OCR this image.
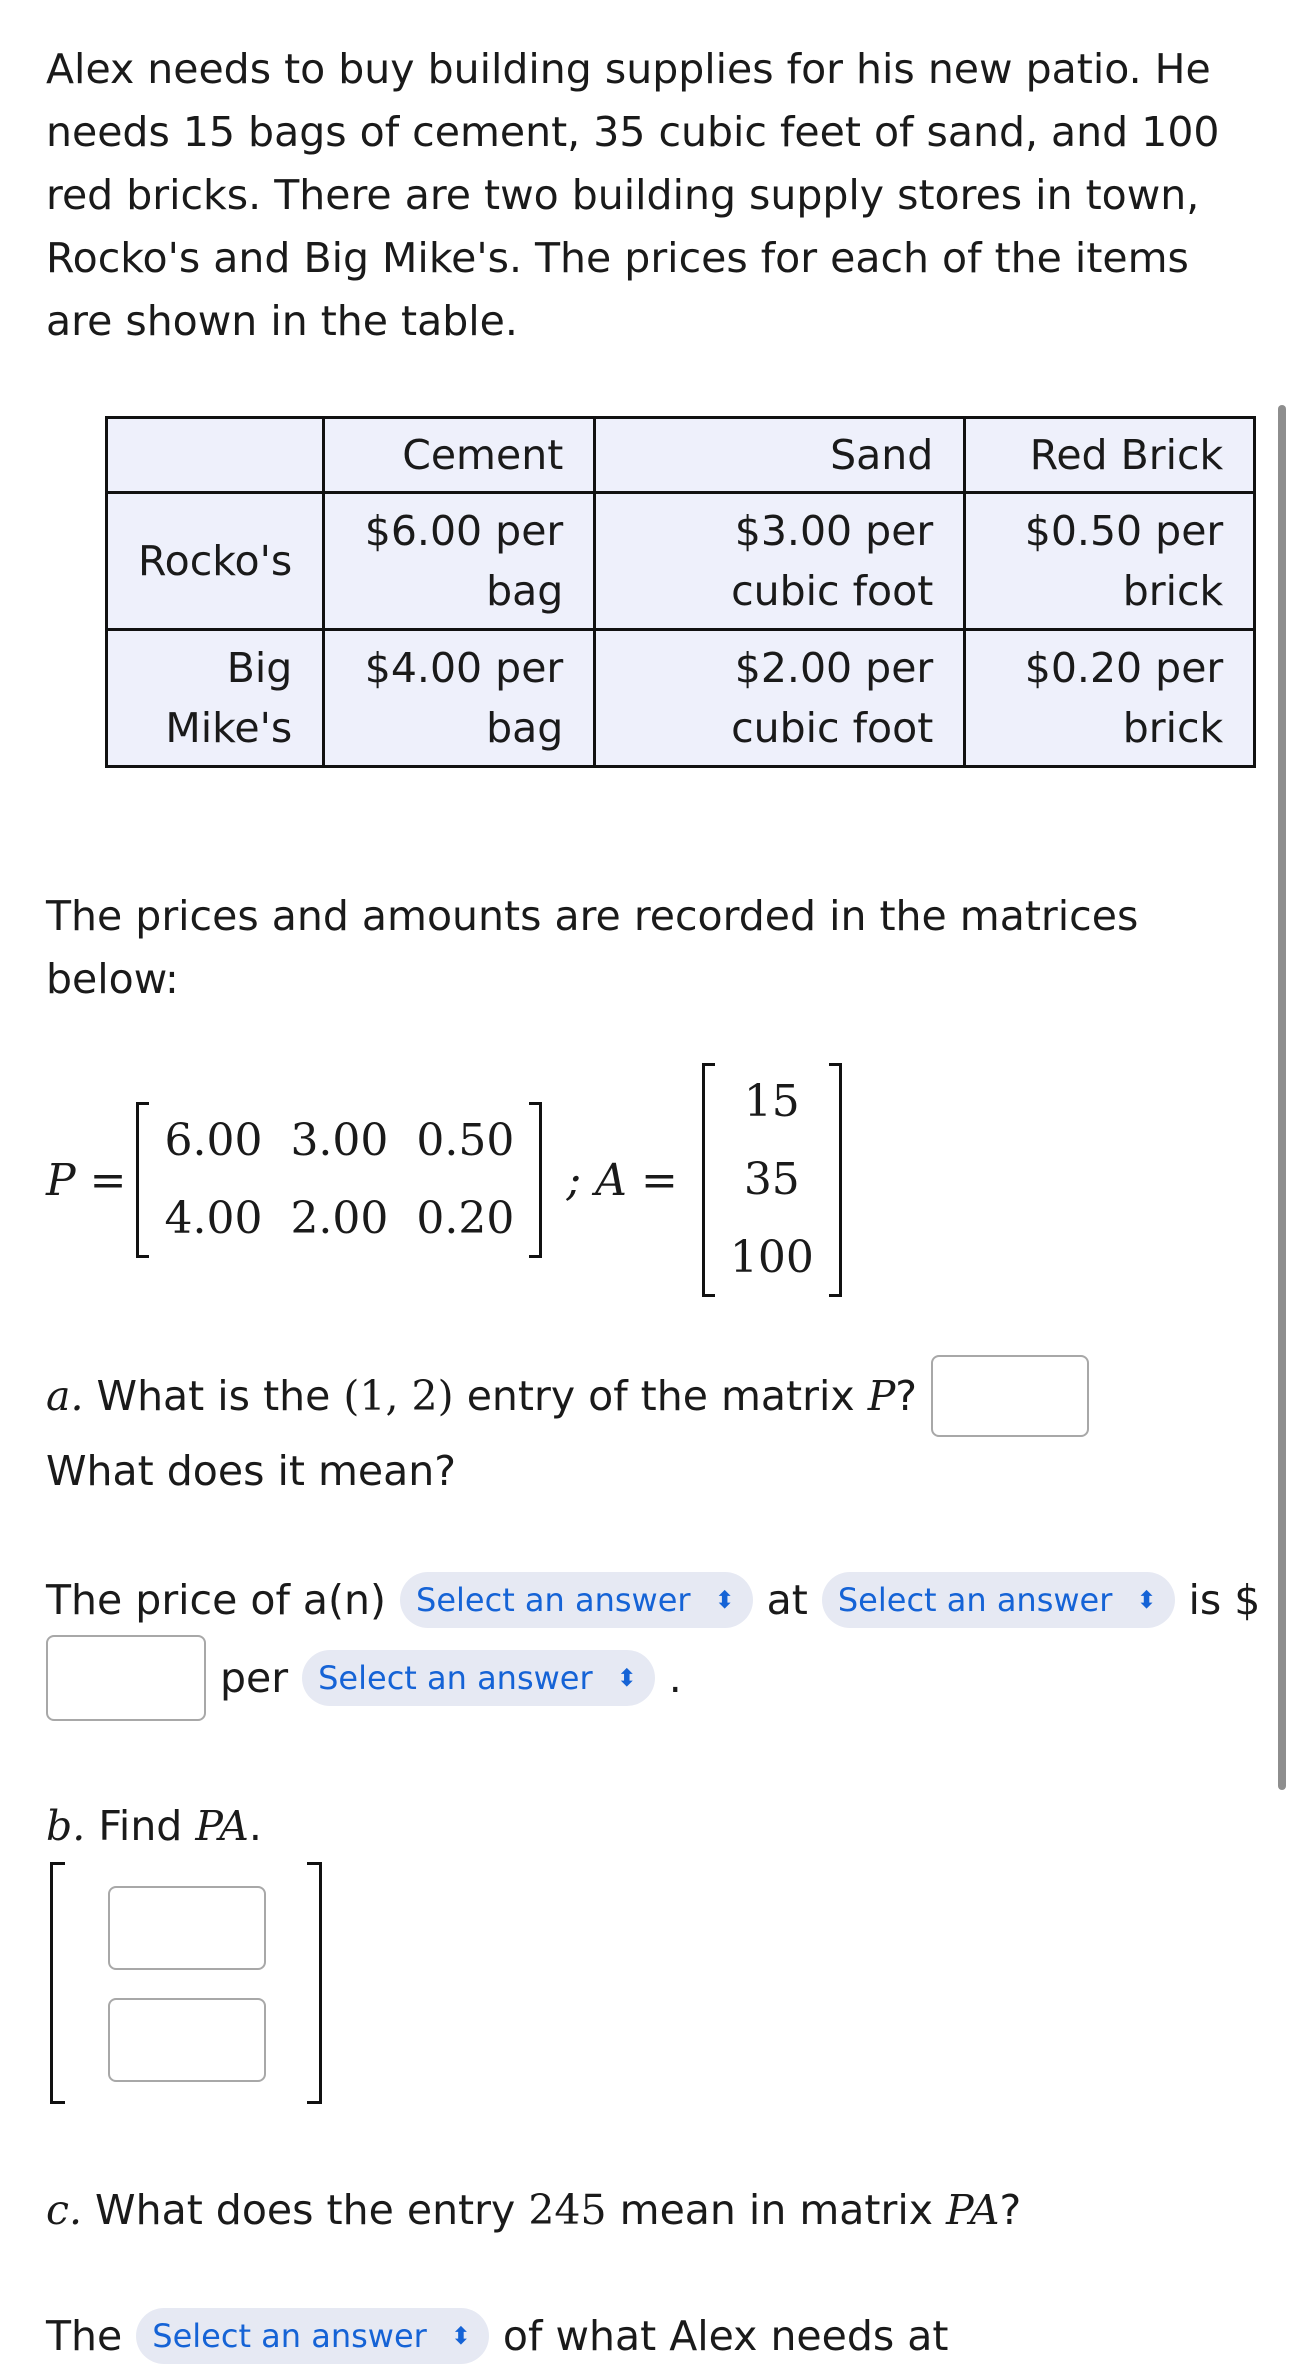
Alex needs to buy building supplies for his new patio. He needs 15 bags of cement, 35 cubic feet of sand, and 100 red bricks. There are two building supply stores in town, Rocko's and Big Mike's. The prices for each of the items are shown in the table.
	Cement	Sand	Red Brick
Rocko's	$6.00 per bag	$3.00 per cubic foot	$0.50 per brick
Big Mike's	$4.00 per bag	$2.00 per cubic foot	$0.20 per brick
The prices and amounts are recorded in the matrices below:
P =
6.00	3.00	0.50
4.00	2.00	0.20
; A =
15
35
100
a.
What is the
(1, 2)
entry of the matrix
P ?
What does it mean?
The price of a(n) Select an answer ⬍ at Select an answer ⬍ is $
per Select an answer ⬍ .
b. Find PA.
c. What does the entry 245 mean in matrix PA?
The Select an answer ⬍ of what Alex needs at
